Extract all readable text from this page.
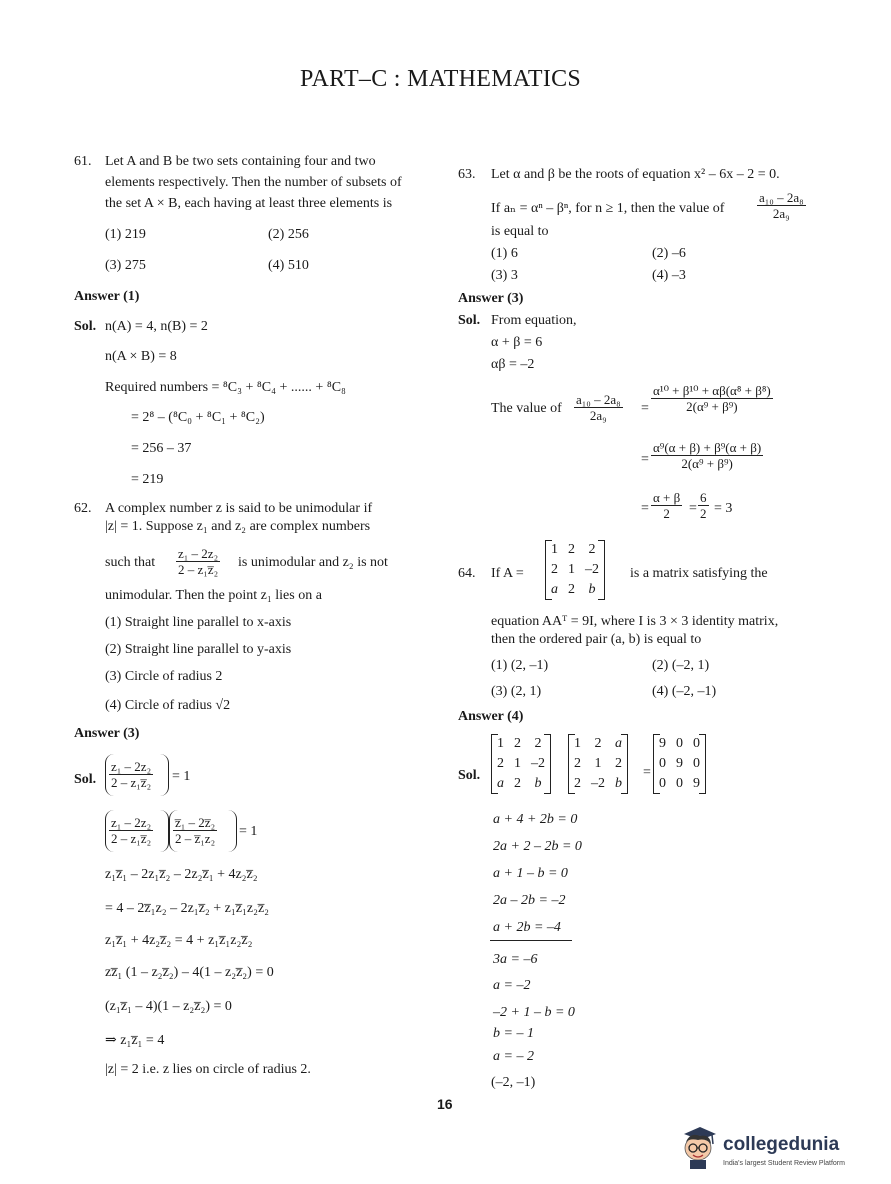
PART–C : MATHEMATICS
61. Let A and B be two sets containing four and two
elements respectively. Then the number of subsets of
the set A × B, each having at least three elements is
(1) 219	(2) 256
(3) 275	(4) 510
Answer (1)
Sol. n(A) = 4, n(B) = 2
n(A × B) = 8
Required numbers = ⁸C₃ + ⁸C₄ + ...... + ⁸C₈
= 2⁸ – (⁸C₀ + ⁸C₁ + ⁸C₂)
= 256 – 37
= 219
62. A complex number z is said to be unimodular if
|z| = 1. Suppose z₁ and z₂ are complex numbers
such that $\frac{\text{z₁ – 2z₂}}{\text{2 – z₁z̅₂}}$ is unimodular and z₂ is not
unimodular. Then the point z₁ lies on a
(1) Straight line parallel to x-axis
(2) Straight line parallel to y-axis
(3) Circle of radius 2
(4) Circle of radius √2
Answer (3)
Sol. $\frac{\text{z₁ – 2z₂}}{\text{2 – z₁z̅₂}} = 1$
$\frac{\text{z₁ – 2z₂}}{\text{2 – z₁z̅₂}} \frac{\text{z̅₁ – 2z̅₂}}{\text{2 – z̅₁z₂}} = 1$
z₁z̅₁ – 2z₁z̅₂ – 2z₂z̅₁ + 4z₂z̅₂
= 4 – 2z̅₁z₂ – 2z₁z̅₂ + z₁z̅₁z₂z̅₂
z₁z̅₁ + 4z₂z̅₂ = 4 + z₁z̅₁z₂z̅₂
zz̅₁ (1 – z₂z̅₂) – 4(1 – z₂z̅₂) = 0
(z₁z̅₁ – 4)(1 – z₂z̅₂) = 0
⇒ z₁z̅₁ = 4
|z| = 2 i.e. z lies on circle of radius 2.
63. Let α and β be the roots of equation x² – 6x – 2 = 0.
If aₙ = αⁿ – βⁿ, for n ≥ 1, then the value of	$\frac{\text{a₁₀ – 2a₈}}{\text{2a₉}}$
is equal to
(1) 6	(2) –6
(3) 3	(4) –3
Answer (3)
Sol. From equation,
α + β = 6
αβ = –2
The value of $\frac{\text{a₁₀ – 2a₈}}{\text{2a₉}} = \frac{\text{α¹⁰ + β¹⁰ + αβ(α⁸ + β⁸)}}{\text{2(α⁹ + β⁹)}}$
= $\frac{\text{α⁹(α + β) + β⁹(α + β)}}{\text{2(α⁹ + β⁹)}}$
= $\frac{\alpha + \beta}{2} = \frac{6}{2} = 3$
64. If A =
1	2	2
2	1	–2
a	2	b
is a matrix satisfying the
equation AAᵀ = 9I, where I is 3 × 3 identity matrix,
then the ordered pair (a, b) is equal to
(1) (2, –1)	(2) (–2, 1)
(3) (2, 1)	(4) (–2, –1)
Answer (4)
Sol.
1	2	2
2	1	–2
a	2	b
1	2	a
2	1	2
2	–2	b
=
9	0	0
0	9	0
0	0	9
a + 4 + 2b = 0
2a + 2 – 2b = 0
a + 1 – b = 0
2a – 2b = –2
a + 2b = –4
3a = –6
a = –2
–2 + 1 – b = 0
b = – 1
a = – 2
(–2, –1)
16
collegedunia
India's largest Student Review Platform
